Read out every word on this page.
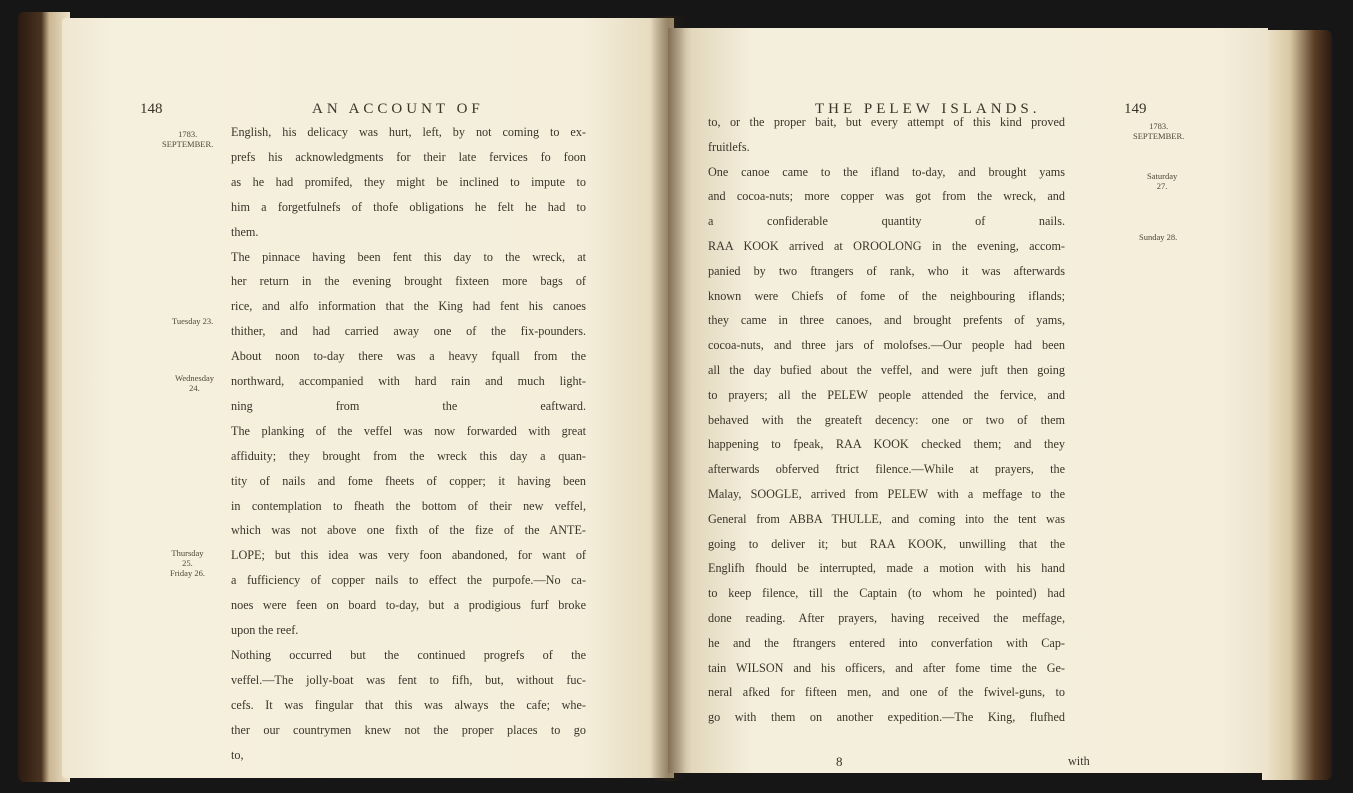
148	AN ACCOUNT OF
1783.
SEPTEMBER.
Tuesday 23.
Wednesday
24.
Thursday
25.
Friday 26.
English, his delicacy was hurt, left, by not coming to ex-
prefs his acknowledgments for their late fervices fo foon
as he had promifed, they might be inclined to impute to
him a forgetfulnefs of thofe obligations he felt he had to
them.
The pinnace having been fent this day to the wreck, at
her return in the evening brought fixteen more bags of
rice, and alfo information that the King had fent his canoes
thither, and had carried away one of the fix-pounders.
About noon to-day there was a heavy fquall from the
northward, accompanied with hard rain and much light-
ning from the eaftward.
The planking of the veffel was now forwarded with great
affiduity; they brought from the wreck this day a quan-
tity of nails and fome fheets of copper; it having been
in contemplation to fheath the bottom of their new veffel,
which was not above one fixth of the fize of the ANTE-
LOPE; but this idea was very foon abandoned, for want of
a fufficiency of copper nails to effect the purpofe.—No ca-
noes were feen on board to-day, but a prodigious furf broke
upon the reef.
Nothing occurred but the continued progrefs of the
veffel.—The jolly-boat was fent to fifh, but, without fuc-
cefs. It was fingular that this was always the cafe; whe-
ther our countrymen knew not the proper places to go
to,
THE PELEW ISLANDS.	149
1783.
SEPTEMBER.
Saturday
27.
Sunday 28.
to, or the proper bait, but every attempt of this kind proved
fruitlefs.
One canoe came to the ifland to-day, and brought yams
and cocoa-nuts; more copper was got from the wreck, and
a confiderable quantity of nails.
RAA KOOK arrived at OROOLONG in the evening, accom-
panied by two ftrangers of rank, who it was afterwards
known were Chiefs of fome of the neighbouring iflands;
they came in three canoes, and brought prefents of yams,
cocoa-nuts, and three jars of molofses.—Our people had been
all the day bufied about the veffel, and were juft then going
to prayers; all the PELEW people attended the fervice, and
behaved with the greateft decency: one or two of them
happening to fpeak, RAA KOOK checked them; and they
afterwards obferved ftrict filence.—While at prayers, the
Malay, SOOGLE, arrived from PELEW with a meffage to the
General from ABBA THULLE, and coming into the tent was
going to deliver it; but RAA KOOK, unwilling that the
Englifh fhould be interrupted, made a motion with his hand
to keep filence, till the Captain (to whom he pointed) had
done reading. After prayers, having received the meffage,
he and the ftrangers entered into converfation with Cap-
tain WILSON and his officers, and after fome time the Ge-
neral afked for fifteen men, and one of the fwivel-guns, to
go with them on another expedition.—The King, flufhed
8	with
